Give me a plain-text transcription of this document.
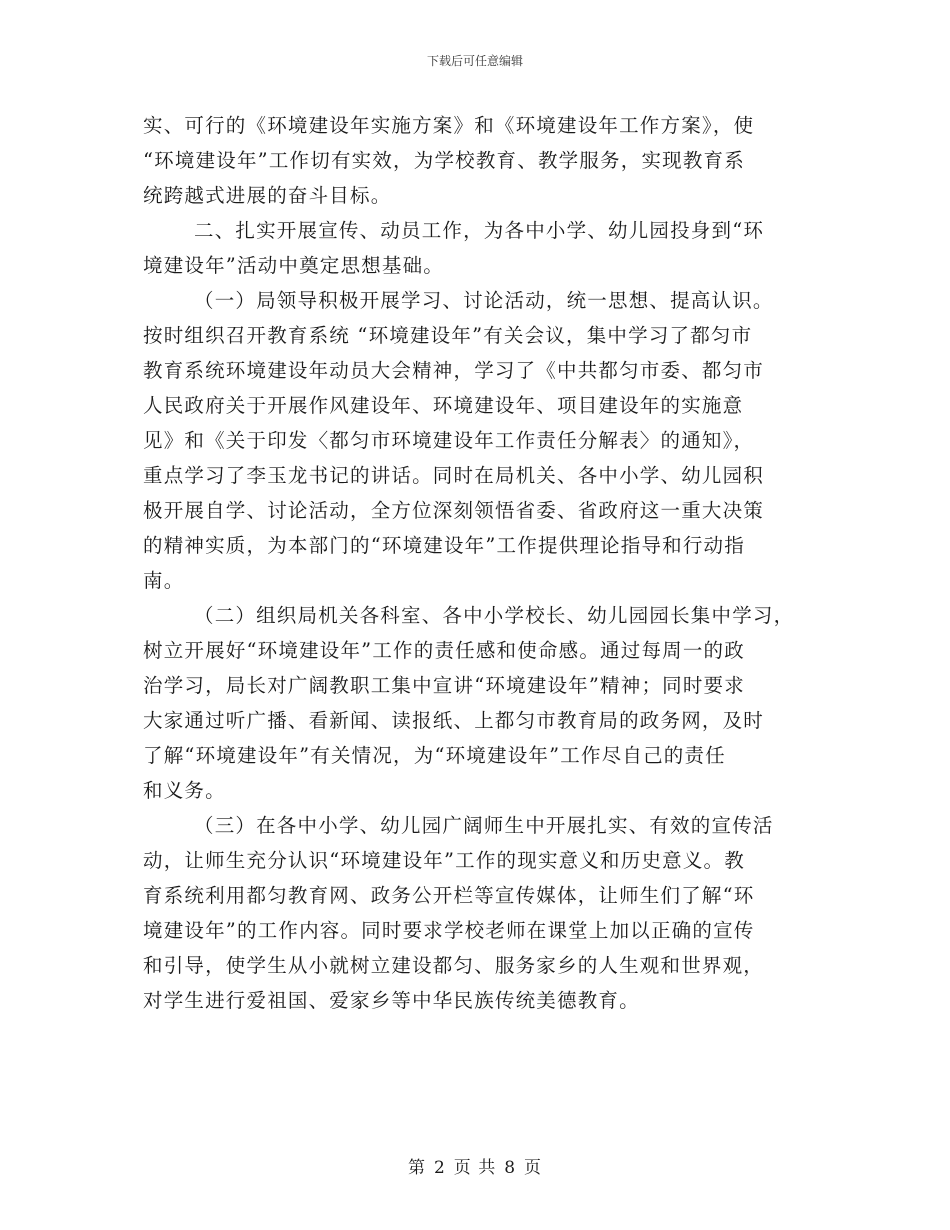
下载后可任意编辑
实、可行的《环境建设年实施方案》和《环境建设年工作方案》，使
“环境建设年”工作切有实效，为学校教育、教学服务，实现教育系
统跨越式进展的奋斗目标。
二、扎实开展宣传、动员工作，为各中小学、幼儿园投身到“环
境建设年”活动中奠定思想基础。
（一）局领导积极开展学习、讨论活动，统一思想、提高认识。
按时组织召开教育系统 “环境建设年”有关会议，集中学习了都匀市
教育系统环境建设年动员大会精神，学习了《中共都匀市委、都匀市
人民政府关于开展作风建设年、环境建设年、项目建设年的实施意
见》和《关于印发〈都匀市环境建设年工作责任分解表〉的通知》，
重点学习了李玉龙书记的讲话。同时在局机关、各中小学、幼儿园积
极开展自学、讨论活动，全方位深刻领悟省委、省政府这一重大决策
的精神实质，为本部门的“环境建设年”工作提供理论指导和行动指
南。
（二）组织局机关各科室、各中小学校长、幼儿园园长集中学习，
树立开展好“环境建设年”工作的责任感和使命感。通过每周一的政
治学习，局长对广阔教职工集中宣讲“环境建设年”精神；同时要求
大家通过听广播、看新闻、读报纸、上都匀市教育局的政务网，及时
了解“环境建设年”有关情况，为“环境建设年”工作尽自己的责任
和义务。
（三）在各中小学、幼儿园广阔师生中开展扎实、有效的宣传活
动，让师生充分认识“环境建设年”工作的现实意义和历史意义。教
育系统利用都匀教育网、政务公开栏等宣传媒体，让师生们了解“环
境建设年”的工作内容。同时要求学校老师在课堂上加以正确的宣传
和引导，使学生从小就树立建设都匀、服务家乡的人生观和世界观，
对学生进行爱祖国、爱家乡等中华民族传统美德教育。
第 2 页 共 8 页
